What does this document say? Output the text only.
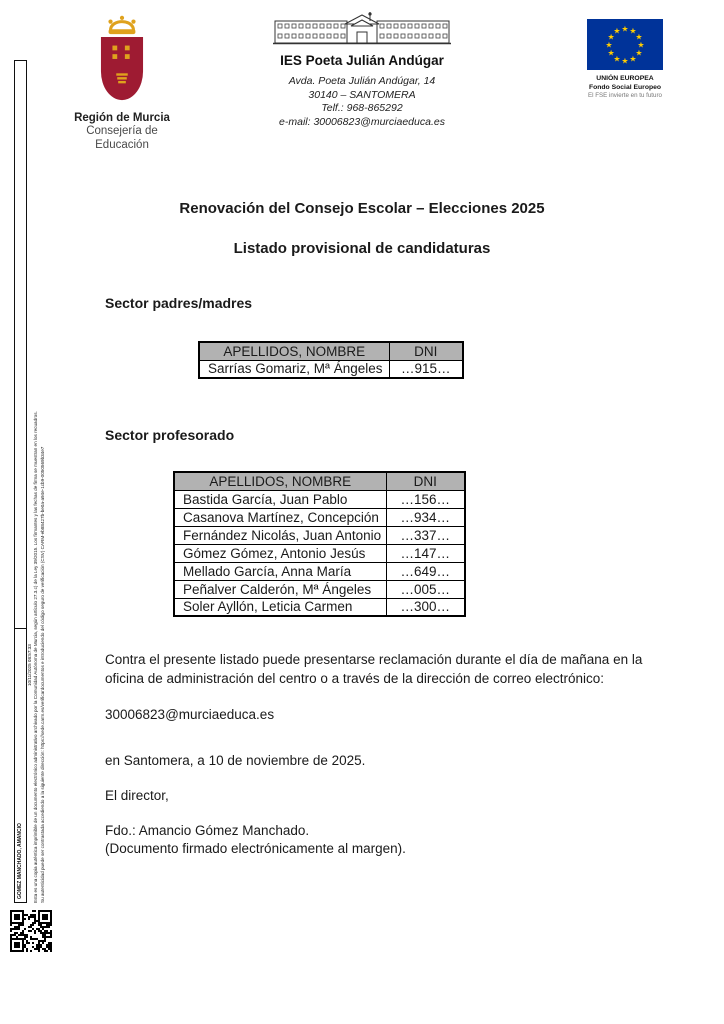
GOMEZ MANCHADO, AMANCIO
10/11/2025 08:57:33 Esta es una copia auténtica imprimible de un documento electrónico administrativo archivado por la Comunidad Autónoma de Murcia, según artículo 27.3.c) de la Ley 39/2015. Los firmantes y las fechas de firma se muestran en los recuadros. Su autenticidad puede ser contrastada accediendo a la siguiente dirección: https://sede.carm.es/verificardocumentos e introduciendo del código seguro de verificación (CSV) CARM-eb88427b-be0a-a94e-1cb9-0050569b34e7
Región de Murcia
Consejería de
Educación
IES Poeta Julián Andúgar
Avda. Poeta Julián Andúgar, 14
30140 – SANTOMERA
Telf.: 968-865292
e-mail: 30006823@murciaeduca.es
★ ★
★
★
★
★
★
★
★
★
★
★
UNIÓN EUROPEA
Fondo Social Europeo
El FSE invierte en tu futuro
Renovación del Consejo Escolar – Elecciones 2025
Listado provisional de candidaturas
Sector padres/madres
APELLIDOS, NOMBRE	DNI
Sarrías Gomariz, Mª Ángeles	…915…
Sector profesorado
APELLIDOS, NOMBRE	DNI
Bastida García, Juan Pablo	…156…
Casanova Martínez, Concepción	…934…
Fernández Nicolás, Juan Antonio	…337…
Gómez Gómez, Antonio Jesús	…147…
Mellado García, Anna María	…649…
Peñalver Calderón, Mª Ángeles	…005…
Soler Ayllón, Leticia Carmen	…300…
Contra el presente listado puede presentarse reclamación durante el día de mañana en la oficina de administración del centro o a través de la dirección de correo electrónico:
30006823@murciaeduca.es
en Santomera, a 10 de noviembre de 2025.
El director,
Fdo.: Amancio Gómez Manchado.
(Documento firmado electrónicamente al margen).
